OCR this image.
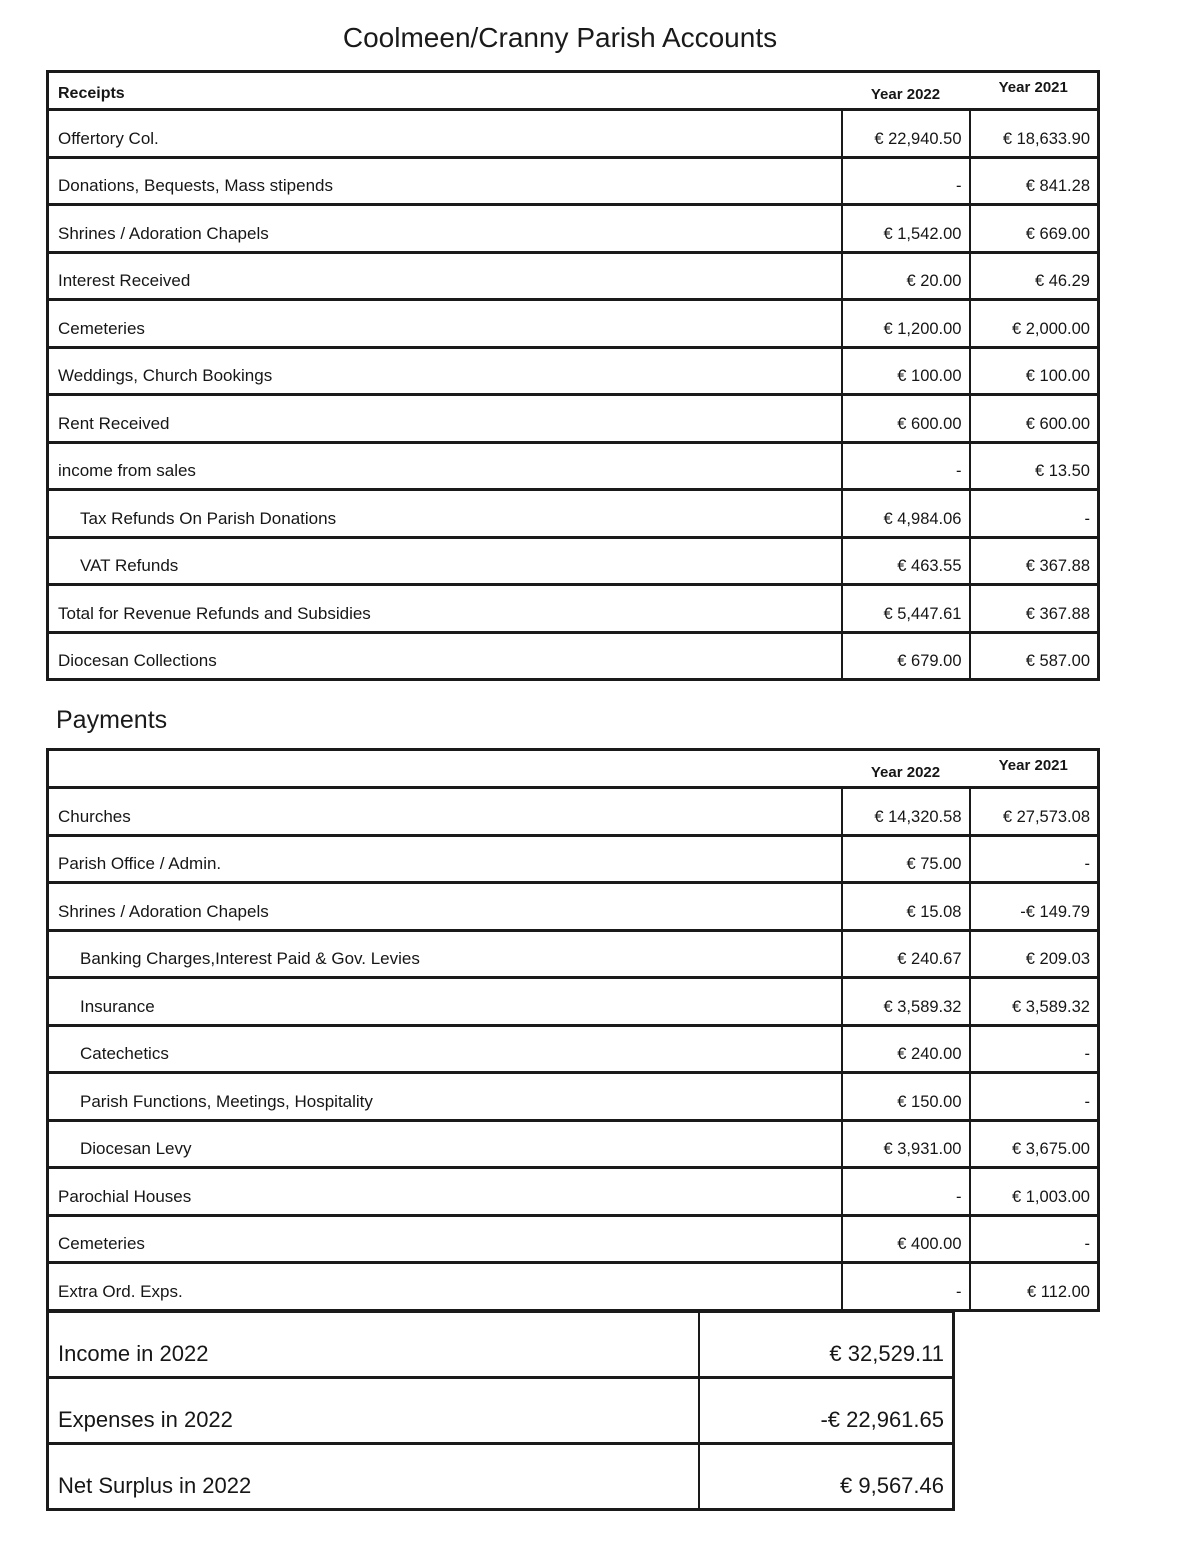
Coolmeen/Cranny Parish Accounts
Receipts	Year 2022	Year 2021
Offertory Col.	€ 22,940.50	€ 18,633.90
Donations, Bequests, Mass stipends	-	€ 841.28
Shrines / Adoration Chapels	€ 1,542.00	€ 669.00
Interest Received	€ 20.00	€ 46.29
Cemeteries	€ 1,200.00	€ 2,000.00
Weddings, Church Bookings	€ 100.00	€ 100.00
Rent Received	€ 600.00	€ 600.00
income from sales	-	€ 13.50
Tax Refunds On Parish Donations	€ 4,984.06	-
VAT Refunds	€ 463.55	€ 367.88
Total for Revenue Refunds and Subsidies	€ 5,447.61	€ 367.88
Diocesan Collections	€ 679.00	€ 587.00
Payments
	Year 2022	Year 2021
Churches	€ 14,320.58	€ 27,573.08
Parish Office / Admin.	€ 75.00	-
Shrines / Adoration Chapels	€ 15.08	-€ 149.79
Banking Charges,Interest Paid & Gov. Levies	€ 240.67	€ 209.03
Insurance	€ 3,589.32	€ 3,589.32
Catechetics	€ 240.00	-
Parish Functions, Meetings, Hospitality	€ 150.00	-
Diocesan Levy	€ 3,931.00	€ 3,675.00
Parochial Houses	-	€ 1,003.00
Cemeteries	€ 400.00	-
Extra Ord. Exps.	-	€ 112.00
Income in 2022	€ 32,529.11
Expenses in 2022	-€ 22,961.65
Net Surplus in 2022	€ 9,567.46
